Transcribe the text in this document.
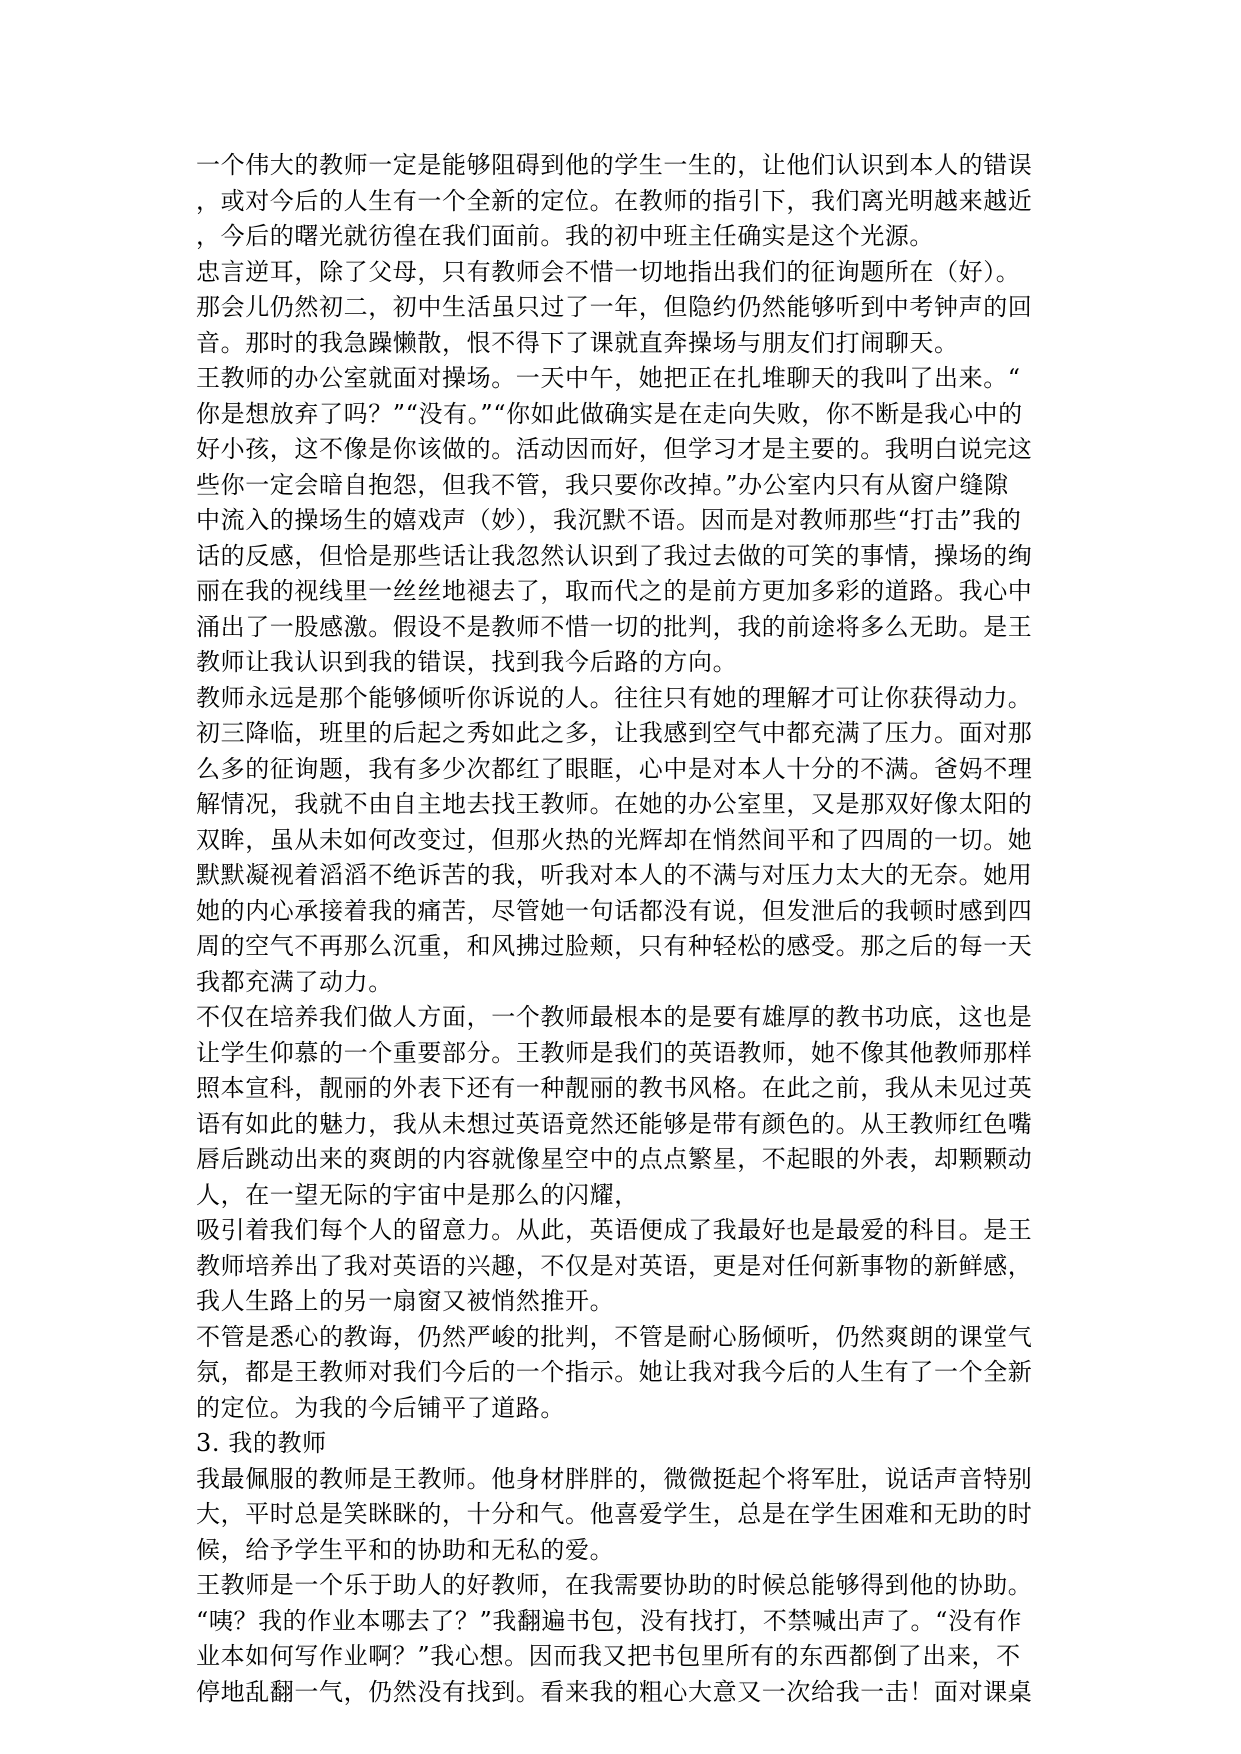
一个伟大的教师一定是能够阻碍到他的学生一生的，让他们认识到本人的错误
，或对今后的人生有一个全新的定位。在教师的指引下，我们离光明越来越近
，今后的曙光就彷徨在我们面前。我的初中班主任确实是这个光源。
忠言逆耳，除了父母，只有教师会不惜一切地指出我们的征询题所在（好）。
那会儿仍然初二，初中生活虽只过了一年，但隐约仍然能够听到中考钟声的回
音。那时的我急躁懒散，恨不得下了课就直奔操场与朋友们打闹聊天。
王教师的办公室就面对操场。一天中午，她把正在扎堆聊天的我叫了出来。“
你是想放弃了吗？”“没有。”“你如此做确实是在走向失败，你不断是我心中的
好小孩，这不像是你该做的。活动因而好，但学习才是主要的。我明白说完这
些你一定会暗自抱怨，但我不管，我只要你改掉。”办公室内只有从窗户缝隙
中流入的操场生的嬉戏声（妙），我沉默不语。因而是对教师那些“打击”我的
话的反感，但恰是那些话让我忽然认识到了我过去做的可笑的事情，操场的绚
丽在我的视线里一丝丝地褪去了，取而代之的是前方更加多彩的道路。我心中
涌出了一股感激。假设不是教师不惜一切的批判，我的前途将多么无助。是王
教师让我认识到我的错误，找到我今后路的方向。
教师永远是那个能够倾听你诉说的人。往往只有她的理解才可让你获得动力。
初三降临，班里的后起之秀如此之多，让我感到空气中都充满了压力。面对那
么多的征询题，我有多少次都红了眼眶，心中是对本人十分的不满。爸妈不理
解情况，我就不由自主地去找王教师。在她的办公室里，又是那双好像太阳的
双眸，虽从未如何改变过，但那火热的光辉却在悄然间平和了四周的一切。她
默默凝视着滔滔不绝诉苦的我，听我对本人的不满与对压力太大的无奈。她用
她的内心承接着我的痛苦，尽管她一句话都没有说，但发泄后的我顿时感到四
周的空气不再那么沉重，和风拂过脸颊，只有种轻松的感受。那之后的每一天
我都充满了动力。
不仅在培养我们做人方面，一个教师最根本的是要有雄厚的教书功底，这也是
让学生仰慕的一个重要部分。王教师是我们的英语教师，她不像其他教师那样
照本宣科，靓丽的外表下还有一种靓丽的教书风格。在此之前，我从未见过英
语有如此的魅力，我从未想过英语竟然还能够是带有颜色的。从王教师红色嘴
唇后跳动出来的爽朗的内容就像星空中的点点繁星，不起眼的外表，却颗颗动
人，在一望无际的宇宙中是那么的闪耀，
吸引着我们每个人的留意力。从此，英语便成了我最好也是最爱的科目。是王
教师培养出了我对英语的兴趣，不仅是对英语，更是对任何新事物的新鲜感，
我人生路上的另一扇窗又被悄然推开。
不管是悉心的教诲，仍然严峻的批判，不管是耐心肠倾听，仍然爽朗的课堂气
氛，都是王教师对我们今后的一个指示。她让我对我今后的人生有了一个全新
的定位。为我的今后铺平了道路。
3. 我的教师
我最佩服的教师是王教师。他身材胖胖的，微微挺起个将军肚，说话声音特别
大，平时总是笑眯眯的，十分和气。他喜爱学生，总是在学生困难和无助的时
候，给予学生平和的协助和无私的爱。
王教师是一个乐于助人的好教师，在我需要协助的时候总能够得到他的协助。
“咦？我的作业本哪去了？”我翻遍书包，没有找打，不禁喊出声了。“没有作
业本如何写作业啊？”我心想。因而我又把书包里所有的东西都倒了出来，不
停地乱翻一气，仍然没有找到。看来我的粗心大意又一次给我一击！面对课桌
